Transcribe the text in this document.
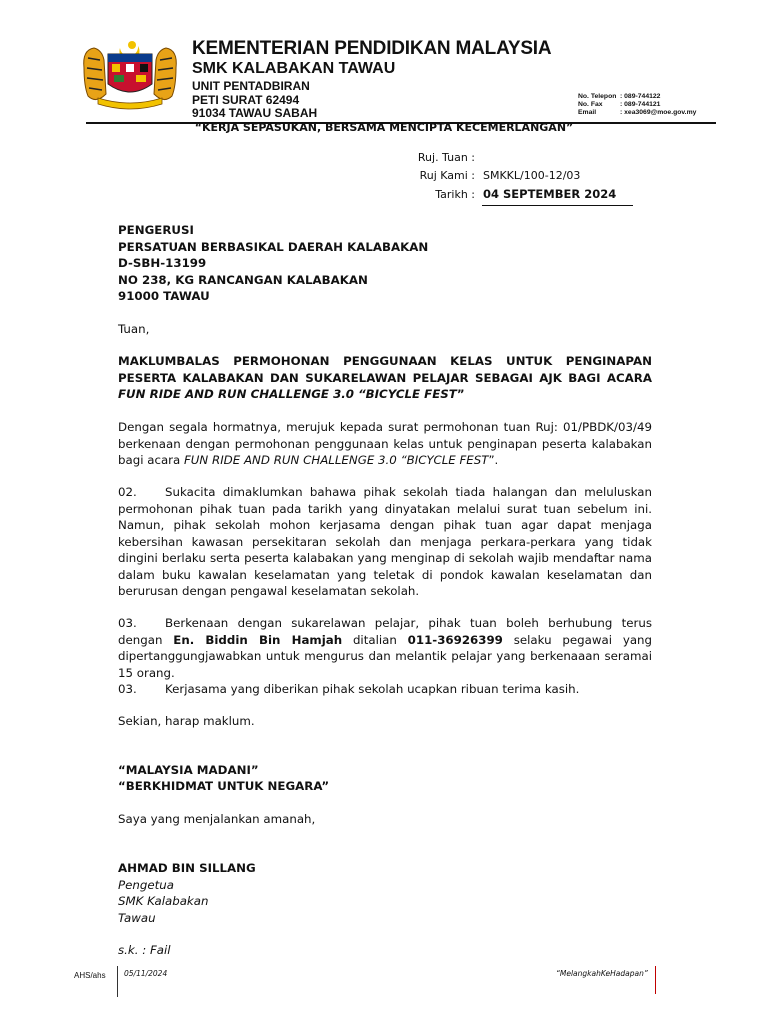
KEMENTERIAN PENDIDIKAN MALAYSIA
SMK KALABAKAN TAWAU
UNIT PENTADBIRAN
PETI SURAT 62494
91034 TAWAU SABAH
No. Telepon : 089-744122
No. Fax	: 089-744121
Email	: xea3069@moe.gov.my
“KERJA SEPASUKAN, BERSAMA MENCIPTA KECEMERLANGAN”
Ruj. Tuan :
Ruj Kami : SMKKL/100-12/03
Tarikh : 04 SEPTEMBER 2024
PENGERUSI
PERSATUAN BERBASIKAL DAERAH KALABAKAN
D-SBH-13199
NO 238, KG RANCANGAN KALABAKAN
91000 TAWAU
Tuan,
MAKLUMBALAS PERMOHONAN PENGGUNAAN KELAS UNTUK PENGINAPAN PESERTA KALABAKAN DAN SUKARELAWAN PELAJAR SEBAGAI AJK BAGI ACARA FUN RIDE AND RUN CHALLENGE 3.0 “BICYCLE FEST”
Dengan segala hormatnya, merujuk kepada surat permohonan tuan Ruj: 01/PBDK/03/49 berkenaan dengan permohonan penggunaan kelas untuk penginapan peserta kalabakan bagi acara FUN RIDE AND RUN CHALLENGE 3.0 “BICYCLE FEST”.
02. Sukacita dimaklumkan bahawa pihak sekolah tiada halangan dan meluluskan permohonan pihak tuan pada tarikh yang dinyatakan melalui surat tuan sebelum ini. Namun, pihak sekolah mohon kerjasama dengan pihak tuan agar dapat menjaga kebersihan kawasan persekitaran sekolah dan menjaga perkara-perkara yang tidak dingini berlaku serta peserta kalabakan yang menginap di sekolah wajib mendaftar nama dalam buku kawalan keselamatan yang teletak di pondok kawalan keselamatan dan berurusan dengan pengawal keselamatan sekolah.
03. Berkenaan dengan sukarelawan pelajar, pihak tuan boleh berhubung terus dengan En. Biddin Bin Hamjah ditalian 011-36926399 selaku pegawai yang dipertanggungjawabkan untuk mengurus dan melantik pelajar yang berkenaaan seramai 15 orang.
03. Kerjasama yang diberikan pihak sekolah ucapkan ribuan terima kasih.
Sekian, harap maklum.
“MALAYSIA MADANI”
“BERKHIDMAT UNTUK NEGARA”
Saya yang menjalankan amanah,
AHMAD BIN SILLANG
Pengetua
SMK Kalabakan
Tawau
s.k. : Fail
AHS/ahs 05/11/2024	“MelangkahKeHadapan”
